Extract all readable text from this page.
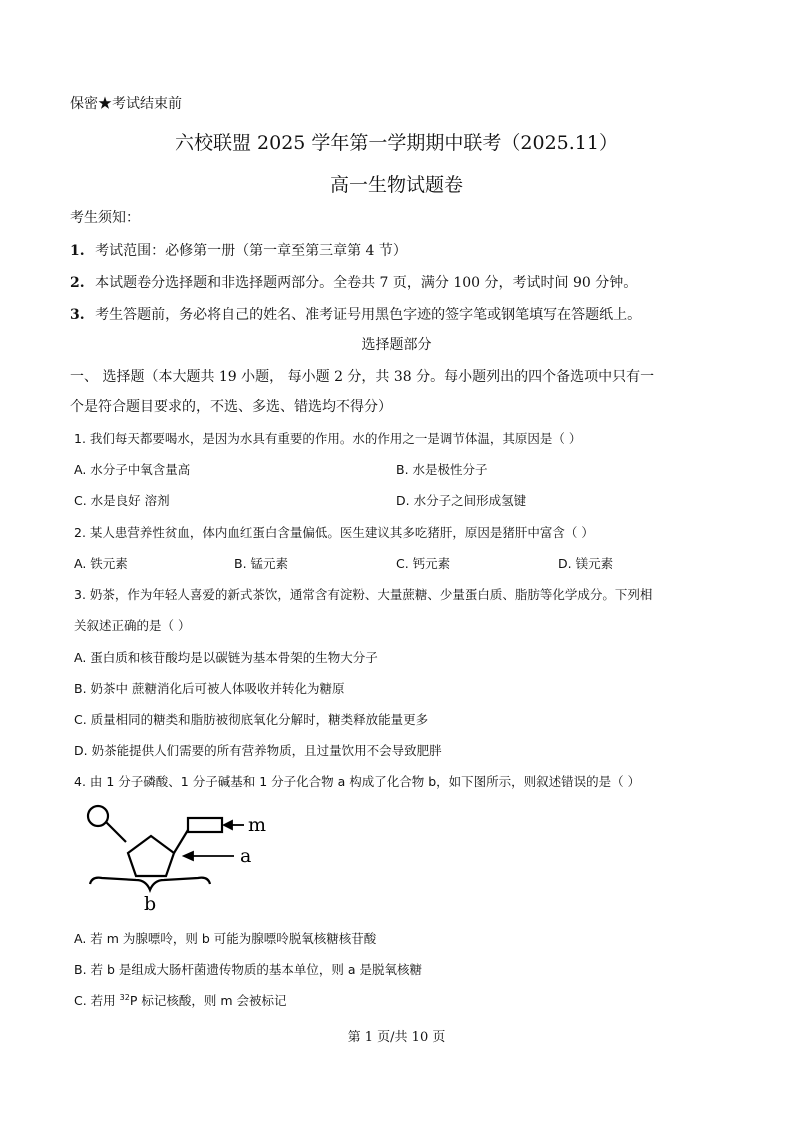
保密★考试结束前
六校联盟 2025 学年第一学期期中联考（2025.11）
高一生物试题卷
考生须知：
1. 考试范围：必修第一册（第一章至第三章第 4 节）
2. 本试题卷分选择题和非选择题两部分。全卷共 7 页，满分 100 分，考试时间 90 分钟。
3. 考生答题前，务必将自己的姓名、准考证号用黑色字迹的签字笔或钢笔填写在答题纸上。
选择题部分
一、 选择题（本大题共 19 小题， 每小题 2 分，共 38 分。每小题列出的四个备选项中只有一
个是符合题目要求的，不选、多选、错选均不得分）
1. 我们每天都要喝水，是因为水具有重要的作用。水的作用之一是调节体温，其原因是（ ）
A. 水分子中氧含量高	B. 水是极性分子
C. 水是良好 溶剂	D. 水分子之间形成氢键
2. 某人患营养性贫血，体内血红蛋白含量偏低。医生建议其多吃猪肝，原因是猪肝中富含（ ）
A. 铁元素	B. 锰元素	C. 钙元素	D. 镁元素
3. 奶茶，作为年轻人喜爱的新式茶饮，通常含有淀粉、大量蔗糖、少量蛋白质、脂肪等化学成分。下列相
关叙述正确的是（ ）
A. 蛋白质和核苷酸均是以碳链为基本骨架的生物大分子
B. 奶茶中 蔗糖消化后可被人体吸收并转化为糖原
C. 质量相同的糖类和脂肪被彻底氧化分解时，糖类释放能量更多
D. 奶茶能提供人们需要的所有营养物质，且过量饮用不会导致肥胖
4. 由 1 分子磷酸、1 分子碱基和 1 分子化合物 a 构成了化合物 b，如下图所示，则叙述错误的是（ ）
m
a
b
A. 若 m 为腺嘌呤，则 b 可能为腺嘌呤脱氧核糖核苷酸
B. 若 b 是组成大肠杆菌遗传物质的基本单位，则 a 是脱氧核糖
C. 若用 $^{32}$P 标记核酸，则 m 会被标记
第 1 页/共 10 页
